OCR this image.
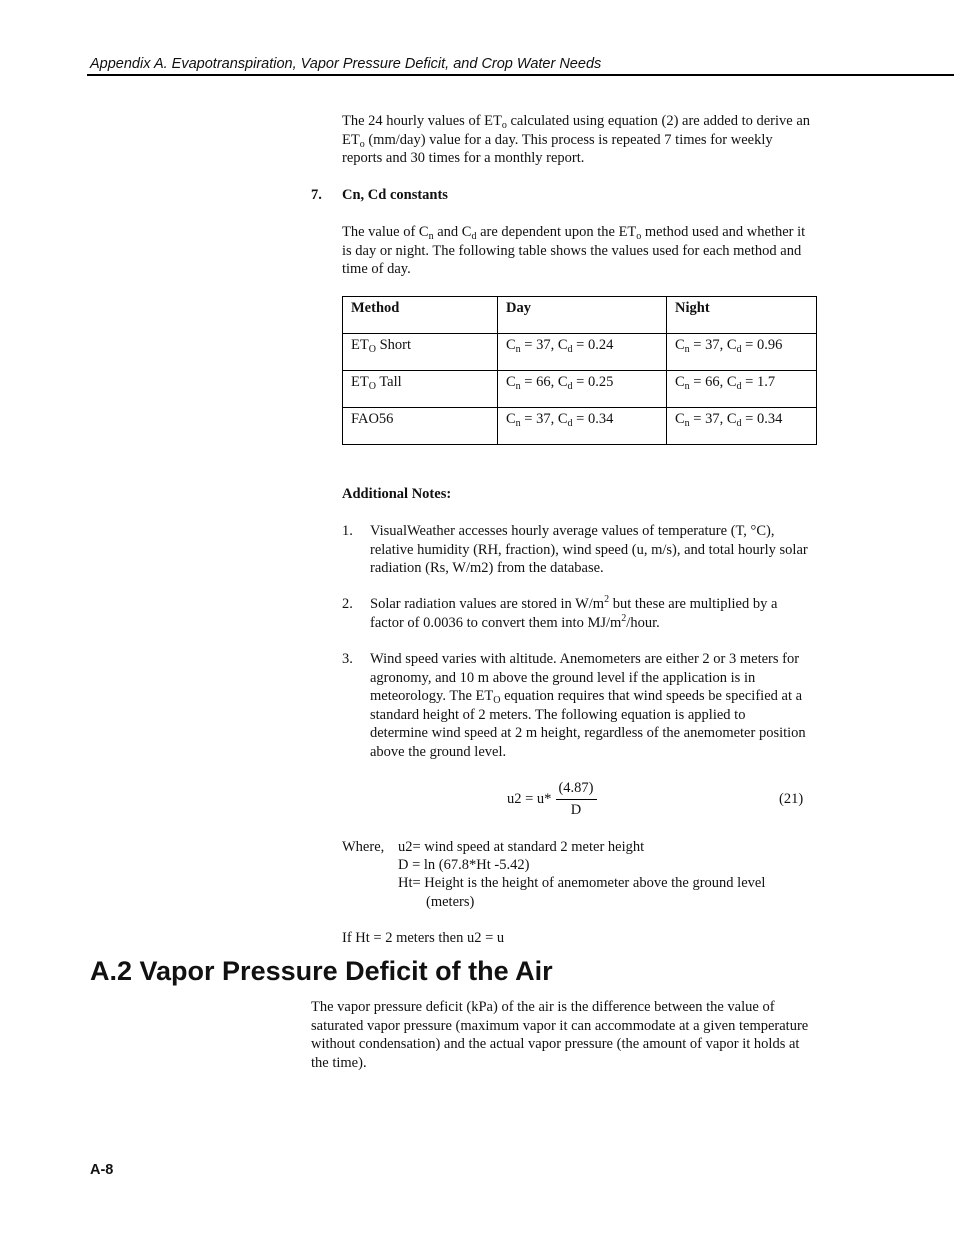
Appendix A. Evapotranspiration, Vapor Pressure Deficit, and Crop Water Needs
The 24 hourly values of $ET_o$ calculated using equation (2) are added to derive an $ET_o$ (mm/day) value for a day. This process is repeated 7 times for weekly reports and 30 times for a monthly report.
7. Cn, Cd constants
The value of $C_n$ and $C_d$ are dependent upon the $ET_o$ method used and whether it is day or night. The following table shows the values used for each method and time of day.
Method	Day	Night
$ET_O$ Short	$C_n = 37$, $C_d = 0.24$	$C_n = 37$, $C_d = 0.96$
$ET_O$ Tall	$C_n = 66$, $C_d = 0.25$	$C_n = 66$, $C_d = 1.7$
FAO56	$C_n = 37$, $C_d = 0.34$	$C_n = 37$, $C_d = 0.34$
Additional Notes:
1. VisualWeather accesses hourly average values of temperature (T, °C), relative humidity (RH, fraction), wind speed (u, m/s), and total hourly solar radiation (Rs, W/m2) from the database.
2. Solar radiation values are stored in $W/m^2$ but these are multiplied by a factor of 0.0036 to convert them into $MJ/m^2$/hour.
3. Wind speed varies with altitude. Anemometers are either 2 or 3 meters for agronomy, and 10 m above the ground level if the application is in meteorology. The $ET_O$ equation requires that wind speeds be specified at a standard height of 2 meters. The following equation is applied to determine wind speed at 2 m height, regardless of the anemometer position above the ground level.
u2 = u*
(4.87)
D
(21)
Where, u2= wind speed at standard 2 meter height
D = ln (67.8*Ht -5.42)
Ht= Height is the height of anemometer above the ground level
(meters)
If Ht = 2 meters then u2 = u
A.2 Vapor Pressure Deficit of the Air
The vapor pressure deficit (kPa) of the air is the difference between the value of saturated vapor pressure (maximum vapor it can accommodate at a given temperature without condensation) and the actual vapor pressure (the amount of vapor it holds at the time).
A-8
